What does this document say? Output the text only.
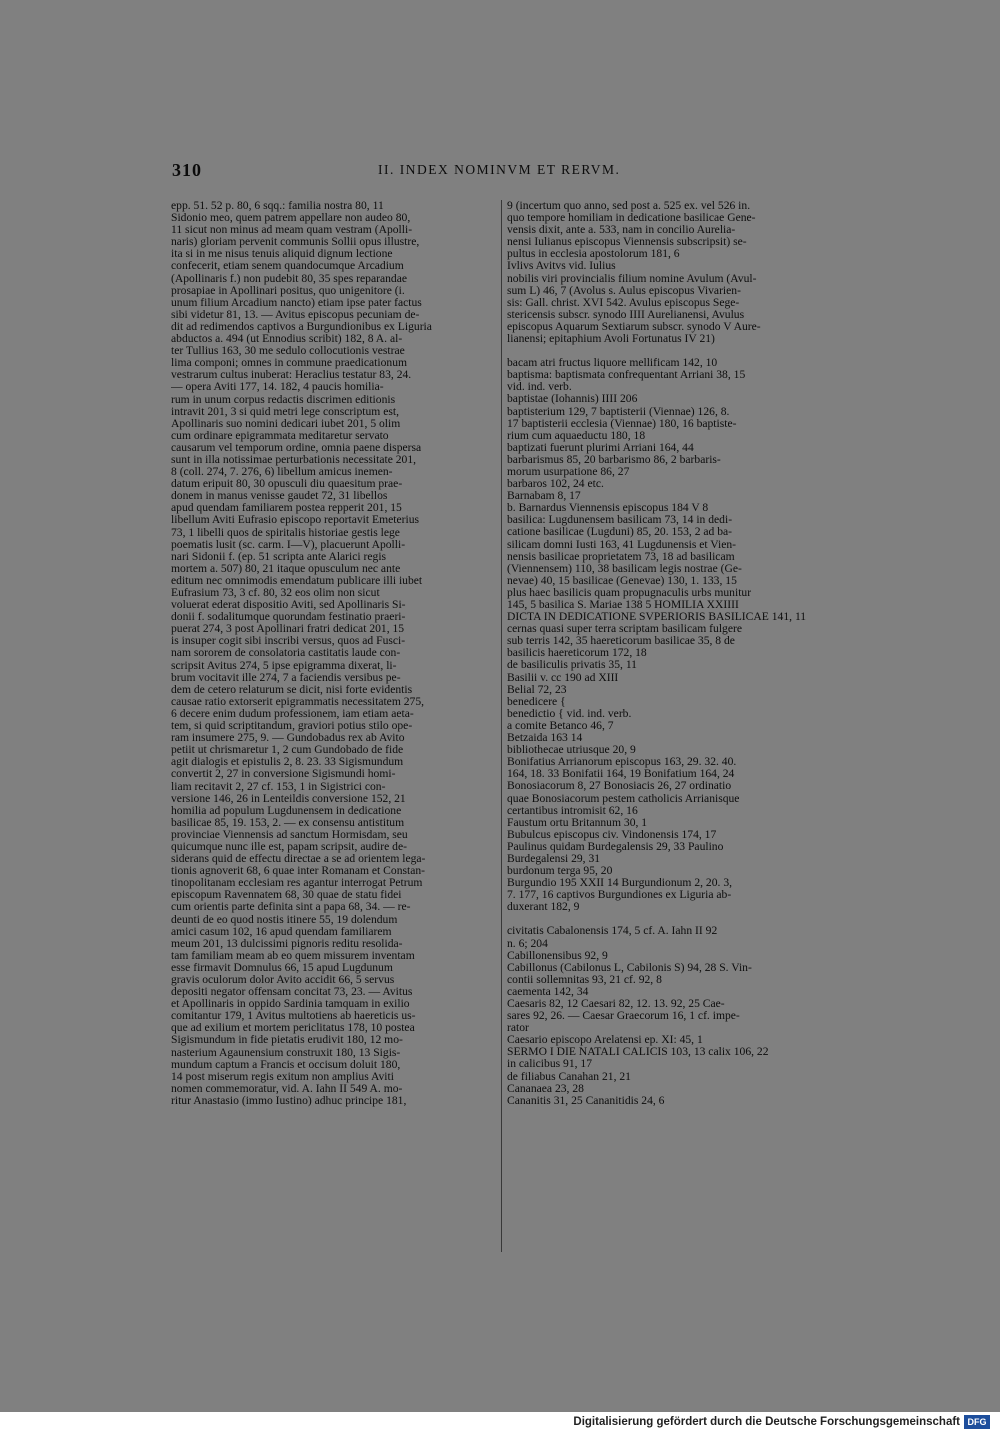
310	II. INDEX NOMINVM ET RERVM.
epp. 51. 52 p. 80, 6 sqq.: familia nostra 80, 11
Sidonio meo, quem patrem appellare non audeo 80,
11 sicut non minus ad meam quam vestram (Apolli-
naris) gloriam pervenit communis Sollii opus illustre,
ita si in me nisus tenuis aliquid dignum lectione
confecerit, etiam senem quandocumque Arcadium
(Apollinaris f.) non pudebit 80, 35 spes reparandae
prosapiae in Apollinari positus, quo unigenitore (i.
unum filium Arcadium nancto) etiam ipse pater factus
sibi videtur 81, 13. — Avitus episcopus pecuniam de-
dit ad redimendos captivos a Burgundionibus ex Liguria
abductos a. 494 (ut Ennodius scribit) 182, 8 A. al-
ter Tullius 163, 30 me sedulo collocutionis vestrae
lima componi; omnes in commune praedicationum
vestrarum cultus inuberat: Heraclius testatur 83, 24.
— opera Aviti 177, 14. 182, 4 paucis homilia-
rum in unum corpus redactis discrimen editionis
intravit 201, 3 si quid metri lege conscriptum est,
Apollinaris suo nomini dedicari iubet 201, 5 olim
cum ordinare epigrammata meditaretur servato
causarum vel temporum ordine, omnia paene dispersa
sunt in illa notissimae perturbationis necessitate 201,
8 (coll. 274, 7. 276, 6) libellum amicus inemen-
datum eripuit 80, 30 opusculi diu quaesitum prae-
donem in manus venisse gaudet 72, 31 libellos
apud quendam familiarem postea repperit 201, 15
libellum Aviti Eufrasio episcopo reportavit Emeterius
73, 1 libelli quos de spiritalis historiae gestis lege
poematis lusit (sc. carm. I—V), placuerunt Apolli-
nari Sidonii f. (ep. 51 scripta ante Alarici regis
mortem a. 507) 80, 21 itaque opusculum nec ante
editum nec omnimodis emendatum publicare illi iubet
Eufrasium 73, 3 cf. 80, 32 eos olim non sicut
voluerat ederat dispositio Aviti, sed Apollinaris Si-
donii f. sodalitumque quorundam festinatio praeri-
puerat 274, 3 post Apollinari fratri dedicat 201, 15
is insuper cogit sibi inscribi versus, quos ad Fusci-
nam sororem de consolatoria castitatis laude con-
scripsit Avitus 274, 5 ipse epigramma dixerat, li-
brum vocitavit ille 274, 7 a faciendis versibus pe-
dem de cetero relaturum se dicit, nisi forte evidentis
causae ratio extorserit epigrammatis necessitatem 275,
6 decere enim dudum professionem, iam etiam aeta-
tem, si quid scriptitandum, graviori potius stilo ope-
ram insumere 275, 9. — Gundobadus rex ab Avito
petiit ut chrismaretur 1, 2 cum Gundobado de fide
agit dialogis et epistulis 2, 8. 23. 33 Sigismundum
convertit 2, 27 in conversione Sigismundi homi-
liam recitavit 2, 27 cf. 153, 1 in Sigistrici con-
versione 146, 26 in Lenteildis conversione 152, 21
homilia ad populum Lugdunensem in dedicatione
basilicae 85, 19. 153, 2. — ex consensu antistitum
provinciae Viennensis ad sanctum Hormisdam, seu
quicumque nunc ille est, papam scripsit, audire de-
siderans quid de effectu directae a se ad orientem lega-
tionis agnoverit 68, 6 quae inter Romanam et Constan-
tinopolitanam ecclesiam res agantur interrogat Petrum
episcopum Ravennatem 68, 30 quae de statu fidei
cum orientis parte definita sint a papa 68, 34. — re-
deunti de eo quod nostis itinere 55, 19 dolendum
amici casum 102, 16 apud quendam familiarem
meum 201, 13 dulcissimi pignoris reditu resolida-
tam familiam meam ab eo quem missurem inventam
esse firmavit Domnulus 66, 15 apud Lugdunum
gravis oculorum dolor Avito accidit 66, 5 servus
depositi negator offensam concitat 73, 23. — Avitus
et Apollinaris in oppido Sardinia tamquam in exilio
comitantur 179, 1 Avitus multotiens ab haereticis us-
que ad exilium et mortem periclitatus 178, 10 postea
Sigismundum in fide pietatis erudivit 180, 12 mo-
nasterium Agaunensium construxit 180, 13 Sigis-
mundum captum a Francis et occisum doluit 180,
14 post miserum regis exitum non amplius Aviti
nomen commemoratur, vid. A. Iahn II 549 A. mo-
ritur Anastasio (immo Iustino) adhuc principe 181,
9 (incertum quo anno, sed post a. 525 ex. vel 526 in.
quo tempore homiliam in dedicatione basilicae Gene-
vensis dixit, ante a. 533, nam in concilio Aurelia-
nensi Iulianus episcopus Viennensis subscripsit) se-
pultus in ecclesia apostolorum 181, 6
Ivlivs Avitvs vid. Iulius
nobilis viri provincialis filium nomine Avulum (Avul-
sum L) 46, 7 (Avolus s. Aulus episcopus Vivarien-
sis: Gall. christ. XVI 542. Avulus episcopus Sege-
stericensis subscr. synodo IIII Aurelianensi, Avulus
episcopus Aquarum Sextiarum subscr. synodo V Aure-
lianensi; epitaphium Avoli Fortunatus IV 21)
bacam atri fructus liquore mellificam 142, 10
baptisma: baptismata confrequentant Arriani 38, 15
vid. ind. verb.
baptistae (Iohannis) IIII 206
baptisterium 129, 7 baptisterii (Viennae) 126, 8.
17 baptisterii ecclesia (Viennae) 180, 16 baptiste-
rium cum aquaeductu 180, 18
baptizati fuerunt plurimi Arriani 164, 44
barbarismus 85, 20 barbarismo 86, 2 barbaris-
morum usurpatione 86, 27
barbaros 102, 24 etc.
Barnabam 8, 17
b. Barnardus Viennensis episcopus 184 V 8
basilica: Lugdunensem basilicam 73, 14 in dedi-
catione basilicae (Lugduni) 85, 20. 153, 2 ad ba-
silicam domni Iusti 163, 41 Lugdunensis et Vien-
nensis basilicae proprietatem 73, 18 ad basilicam
(Viennensem) 110, 38 basilicam legis nostrae (Ge-
nevae) 40, 15 basilicae (Genevae) 130, 1. 133, 15
plus haec basilicis quam propugnaculis urbs munitur
145, 5 basilica S. Mariae 138 5 HOMILIA XXIIII
DICTA IN DEDICATIONE SVPERIORIS BASILICAE 141, 11
cernas quasi super terra scriptam basilicam fulgere
sub terris 142, 35 haereticorum basilicae 35, 8 de
basilicis haereticorum 172, 18
de basiliculis privatis 35, 11
Basilii v. cc 190 ad XIII
Belial 72, 23
benedicere {
benedictio { vid. ind. verb.
a comite Betanco 46, 7
Betzaida 163 14
bibliothecae utriusque 20, 9
Bonifatius Arrianorum episcopus 163, 29. 32. 40.
164, 18. 33 Bonifatii 164, 19 Bonifatium 164, 24
Bonosiacorum 8, 27 Bonosiacis 26, 27 ordinatio
quae Bonosiacorum pestem catholicis Arrianisque
certantibus intromisit 62, 16
Faustum ortu Britannum 30, 1
Bubulcus episcopus civ. Vindonensis 174, 17
Paulinus quidam Burdegalensis 29, 33 Paulino
Burdegalensi 29, 31
burdonum terga 95, 20
Burgundio 195 XXII 14 Burgundionum 2, 20. 3,
7. 177, 16 captivos Burgundiones ex Liguria ab-
duxerant 182, 9
civitatis Cabalonensis 174, 5 cf. A. Iahn II 92
n. 6; 204
Cabillonensibus 92, 9
Cabillonus (Cabilonus L, Cabilonis S) 94, 28 S. Vin-
contii sollemnitas 93, 21 cf. 92, 8
caementa 142, 34
Caesaris 82, 12 Caesari 82, 12. 13. 92, 25 Cae-
sares 92, 26. — Caesar Graecorum 16, 1 cf. impe-
rator
Caesario episcopo Arelatensi ep. XI: 45, 1
SERMO I DIE NATALI CALICIS 103, 13 calix 106, 22
in calicibus 91, 17
de filiabus Canahan 21, 21
Cananaea 23, 28
Cananitis 31, 25 Cananitidis 24, 6
Digitalisierung gefördert durch die Deutsche Forschungsgemeinschaft DFG
